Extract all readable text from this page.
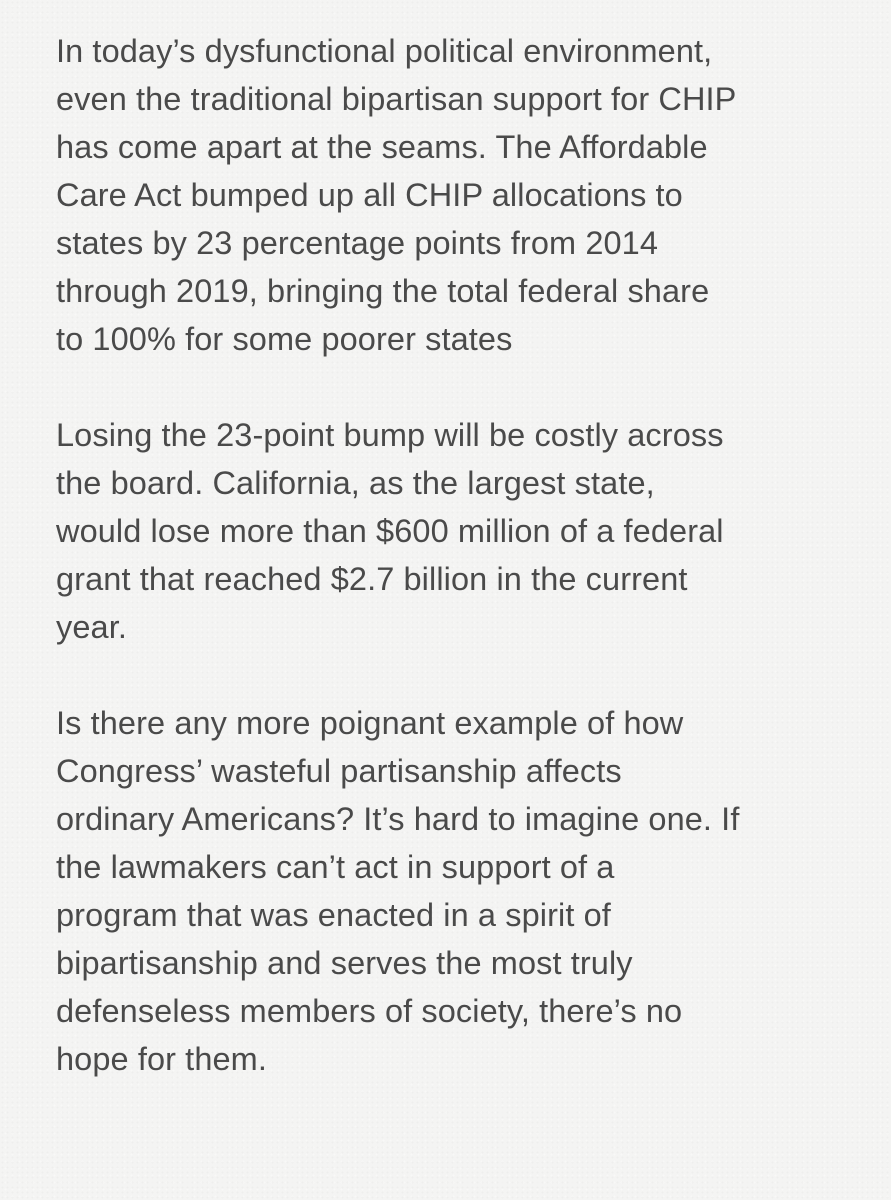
In today’s dysfunctional political environment,
even the traditional bipartisan support for CHIP
has come apart at the seams. The Affordable
Care Act bumped up all CHIP allocations to
states by 23 percentage points from 2014
through 2019, bringing the total federal share
to 100% for some poorer states

Losing the 23-point bump will be costly across
the board. California, as the largest state,
would lose more than $600 million of a federal
grant that reached $2.7 billion in the current
year.

Is there any more poignant example of how
Congress’ wasteful partisanship affects
ordinary Americans? It’s hard to imagine one. If
the lawmakers can’t act in support of a
program that was enacted in a spirit of
bipartisanship and serves the most truly
defenseless members of society, there’s no
hope for them.
